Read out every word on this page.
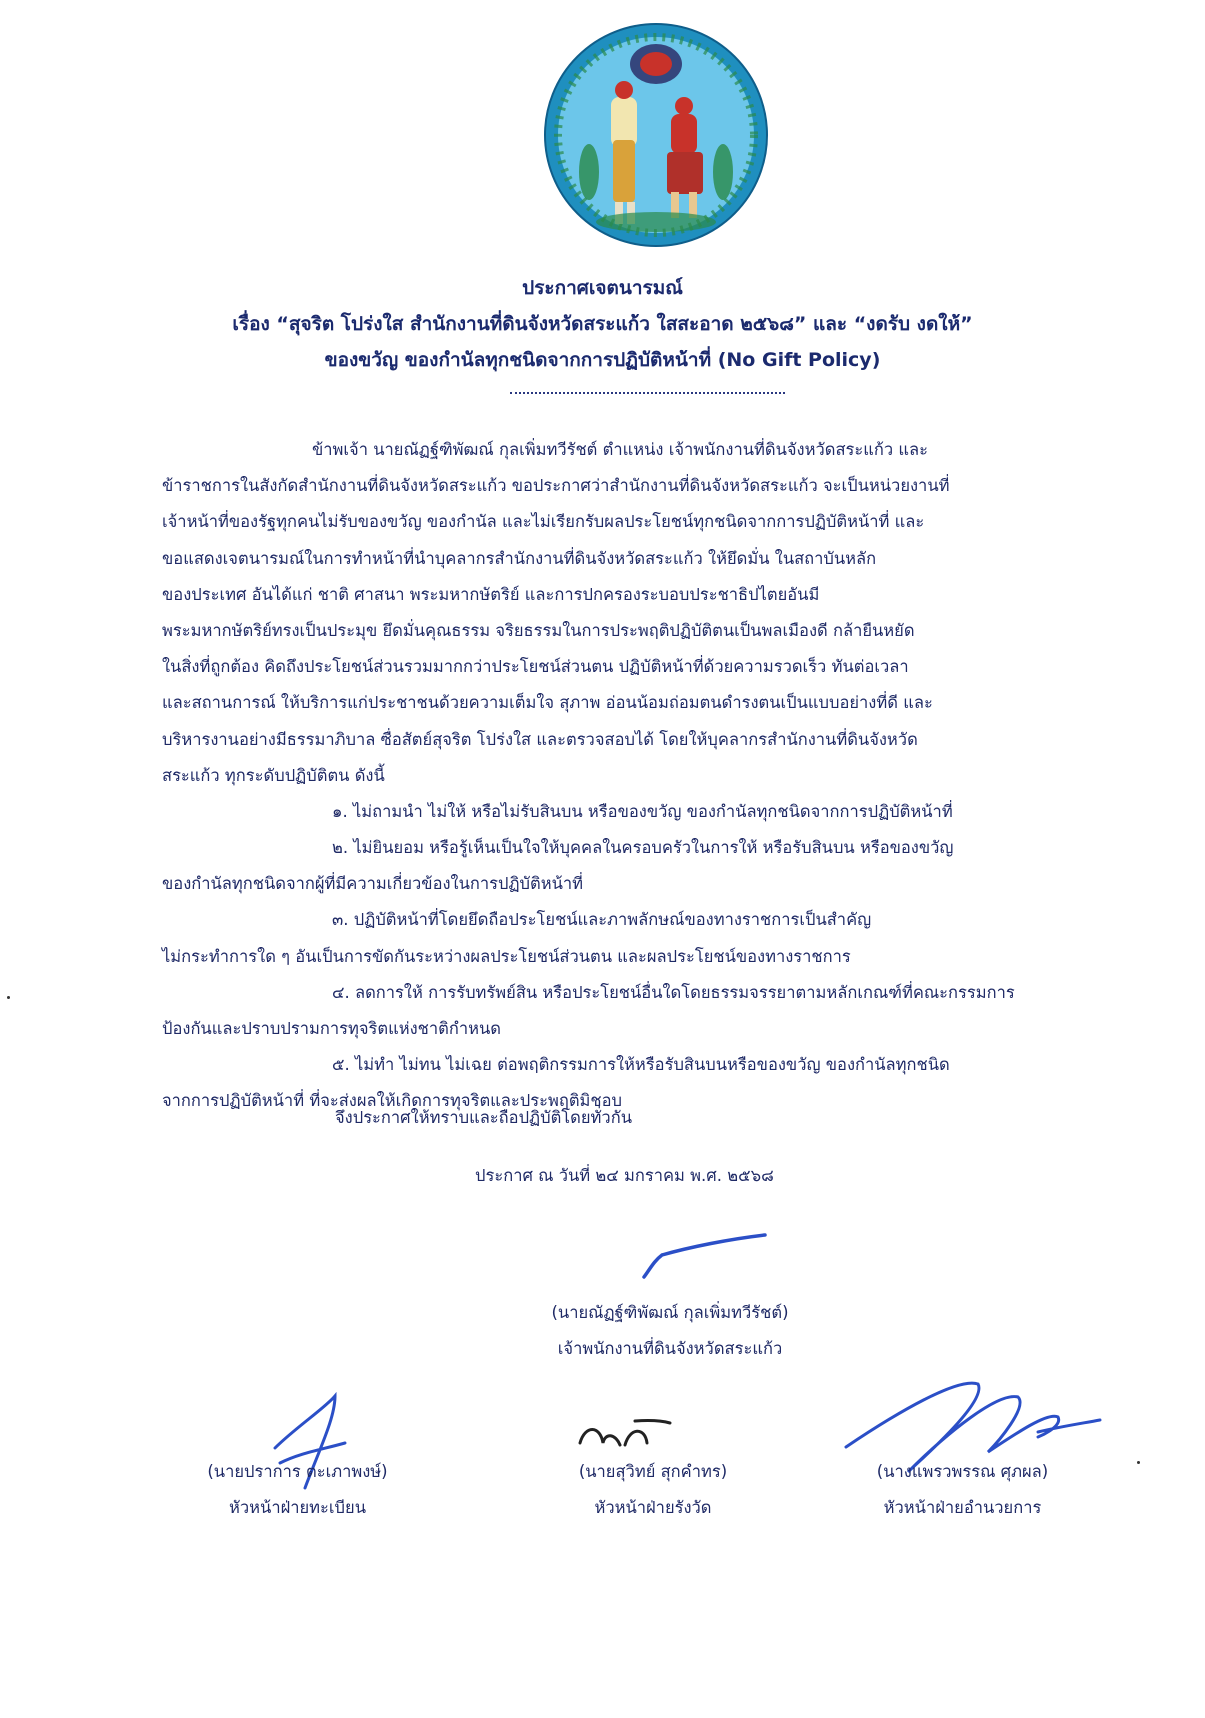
ประกาศเจตนารมณ์
เรื่อง “สุจริต โปร่งใส สำนักงานที่ดินจังหวัดสระแก้ว ใสสะอาด ๒๕๖๘” และ “งดรับ งดให้”
ของขวัญ ของกำนัลทุกชนิดจากการปฏิบัติหน้าที่ (No Gift Policy)
ข้าพเจ้า นายณัฏฐ์ฑิพัฒณ์ กุลเพิ่มทวีรัชต์ ตำแหน่ง เจ้าพนักงานที่ดินจังหวัดสระแก้ว และ
ข้าราชการในสังกัดสำนักงานที่ดินจังหวัดสระแก้ว ขอประกาศว่าสำนักงานที่ดินจังหวัดสระแก้ว จะเป็นหน่วยงานที่
เจ้าหน้าที่ของรัฐทุกคนไม่รับของขวัญ ของกำนัล และไม่เรียกรับผลประโยชน์ทุกชนิดจากการปฏิบัติหน้าที่ และ
ขอแสดงเจตนารมณ์ในการทำหน้าที่นำบุคลากรสำนักงานที่ดินจังหวัดสระแก้ว ให้ยึดมั่น ในสถาบันหลัก
ของประเทศ อันได้แก่ ชาติ ศาสนา พระมหากษัตริย์ และการปกครองระบอบประชาธิปไตยอันมี
พระมหากษัตริย์ทรงเป็นประมุข ยึดมั่นคุณธรรม จริยธรรมในการประพฤติปฏิบัติตนเป็นพลเมืองดี กล้ายืนหยัด
ในสิ่งที่ถูกต้อง คิดถึงประโยชน์ส่วนรวมมากกว่าประโยชน์ส่วนตน ปฏิบัติหน้าที่ด้วยความรวดเร็ว ทันต่อเวลา
และสถานการณ์ ให้บริการแก่ประชาชนด้วยความเต็มใจ สุภาพ อ่อนน้อมถ่อมตนดำรงตนเป็นแบบอย่างที่ดี และ
บริหารงานอย่างมีธรรมาภิบาล ซื่อสัตย์สุจริต โปร่งใส และตรวจสอบได้ โดยให้บุคลากรสำนักงานที่ดินจังหวัด
สระแก้ว ทุกระดับปฏิบัติตน ดังนี้
๑. ไม่ถามนำ ไม่ให้ หรือไม่รับสินบน หรือของขวัญ ของกำนัลทุกชนิดจากการปฏิบัติหน้าที่
๒. ไม่ยินยอม หรือรู้เห็นเป็นใจให้บุคคลในครอบครัวในการให้ หรือรับสินบน หรือของขวัญ
ของกำนัลทุกชนิดจากผู้ที่มีความเกี่ยวข้องในการปฏิบัติหน้าที่
๓. ปฏิบัติหน้าที่โดยยึดถือประโยชน์และภาพลักษณ์ของทางราชการเป็นสำคัญ
ไม่กระทำการใด ๆ อันเป็นการขัดกันระหว่างผลประโยชน์ส่วนตน และผลประโยชน์ของทางราชการ
๔. ลดการให้ การรับทรัพย์สิน หรือประโยชน์อื่นใดโดยธรรมจรรยาตามหลักเกณฑ์ที่คณะกรรมการ
ป้องกันและปราบปรามการทุจริตแห่งชาติกำหนด
๕. ไม่ทำ ไม่ทน ไม่เฉย ต่อพฤติกรรมการให้หรือรับสินบนหรือของขวัญ ของกำนัลทุกชนิด
จากการปฏิบัติหน้าที่ ที่จะส่งผลให้เกิดการทุจริตและประพฤติมิชอบ
จึงประกาศให้ทราบและถือปฏิบัติโดยทั่วกัน
ประกาศ ณ วันที่ ๒๔ มกราคม พ.ศ. ๒๕๖๘
(นายณัฏฐ์ฑิพัฒณ์ กุลเพิ่มทวีรัชต์)
เจ้าพนักงานที่ดินจังหวัดสระแก้ว
(นายปราการ ตะเภาพงษ์)
หัวหน้าฝ่ายทะเบียน
(นายสุวิทย์ สุกคำทร)
หัวหน้าฝ่ายรังวัด
(นางแพรวพรรณ ศุภผล)
หัวหน้าฝ่ายอำนวยการ
